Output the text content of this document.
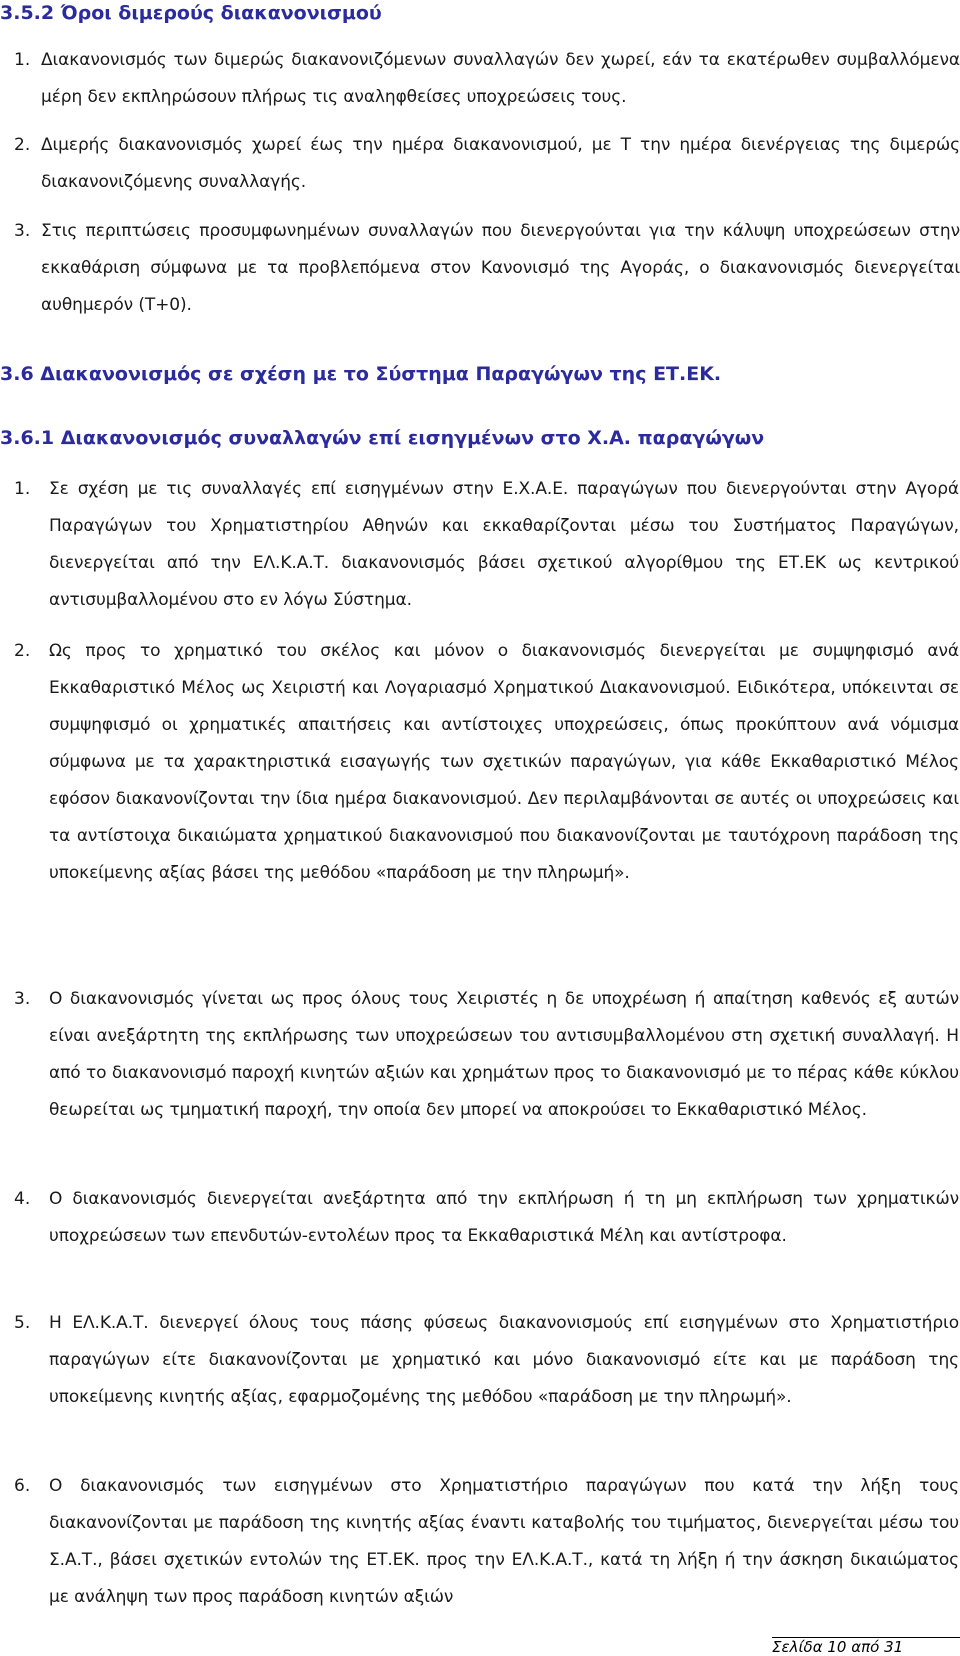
3.5.2 Όροι διμερούς διακανονισμού
1. Διακανονισμός των διμερώς διακανονιζόμενων συναλλαγών δεν χωρεί, εάν τα εκατέρωθεν συμβαλλόμενα μέρη δεν εκπληρώσουν πλήρως τις αναληφθείσες υποχρεώσεις τους.

2. Διμερής διακανονισμός χωρεί έως την ημέρα διακανονισμού, με T την ημέρα διενέργειας της διμερώς διακανονιζόμενης συναλλαγής.

3. Στις περιπτώσεις προσυμφωνημένων συναλλαγών που διενεργούνται για την κάλυψη υποχρεώσεων στην εκκαθάριση σύμφωνα με τα προβλεπόμενα στον Κανονισμό της Αγοράς, ο διακανονισμός διενεργείται αυθημερόν (T+0).

3.6 Διακανονισμός σε σχέση με το Σύστημα Παραγώγων της ΕΤ.ΕΚ.
3.6.1 Διακανονισμός συναλλαγών επί εισηγμένων στο Χ.Α. παραγώγων
1. Σε σχέση με τις συναλλαγές επί εισηγμένων στην Ε.Χ.Α.Ε. παραγώγων που διενεργούνται στην Αγορά Παραγώγων του Χρηματιστηρίου Αθηνών και εκκαθαρίζονται μέσω του Συστήματος Παραγώγων, διενεργείται από την ΕΛ.Κ.Α.Τ. διακανονισμός βάσει σχετικού αλγορίθμου της ΕΤ.ΕΚ ως κεντρικού αντισυμβαλλομένου στο εν λόγω Σύστημα.

2. Ως προς το χρηματικό του σκέλος και μόνον ο διακανονισμός διενεργείται με συμψηφισμό ανά Εκκαθαριστικό Μέλος ως Χειριστή και Λογαριασμό Χρηματικού Διακανονισμού. Ειδικότερα, υπόκεινται σε συμψηφισμό οι χρηματικές απαιτήσεις και αντίστοιχες υποχρεώσεις, όπως προκύπτουν ανά νόμισμα σύμφωνα με τα χαρακτηριστικά εισαγωγής των σχετικών παραγώγων, για κάθε Εκκαθαριστικό Μέλος εφόσον διακανονίζονται την ίδια ημέρα διακανονισμού. Δεν περιλαμβάνονται σε αυτές οι υποχρεώσεις και τα αντίστοιχα δικαιώματα χρηματικού διακανονισμού που διακανονίζονται με ταυτόχρονη παράδοση της υποκείμενης αξίας βάσει της μεθόδου «παράδοση με την πληρωμή».

3. Ο διακανονισμός γίνεται ως προς όλους τους Χειριστές η δε υποχρέωση ή απαίτηση καθενός εξ αυτών είναι ανεξάρτητη της εκπλήρωσης των υποχρεώσεων του αντισυμβαλλομένου στη σχετική συναλλαγή. Η από το διακανονισμό παροχή κινητών αξιών και χρημάτων προς το διακανονισμό με το πέρας κάθε κύκλου θεωρείται ως τμηματική παροχή, την οποία δεν μπορεί να αποκρούσει το Εκκαθαριστικό Μέλος.

4. Ο διακανονισμός διενεργείται ανεξάρτητα από την εκπλήρωση ή τη μη εκπλήρωση των χρηματικών υποχρεώσεων των επενδυτών-εντολέων προς τα Εκκαθαριστικά Μέλη και αντίστροφα.

5. Η ΕΛ.Κ.Α.Τ. διενεργεί όλους τους πάσης φύσεως διακανονισμούς επί εισηγμένων στο Χρηματιστήριο παραγώγων είτε διακανονίζονται με χρηματικό και μόνο διακανονισμό είτε και με παράδοση της υποκείμενης κινητής αξίας, εφαρμοζομένης της μεθόδου «παράδοση με την πληρωμή».

6. Ο διακανονισμός των εισηγμένων στο Χρηματιστήριο παραγώγων που κατά την λήξη τους διακανονίζονται με παράδοση της κινητής αξίας έναντι καταβολής του τιμήματος, διενεργείται μέσω του Σ.Α.Τ., βάσει σχετικών εντολών της ΕΤ.ΕΚ. προς την ΕΛ.Κ.Α.Τ., κατά τη λήξη ή την άσκηση δικαιώματος με ανάληψη των προς παράδοση κινητών αξιών

Σελίδα 10 από 31
